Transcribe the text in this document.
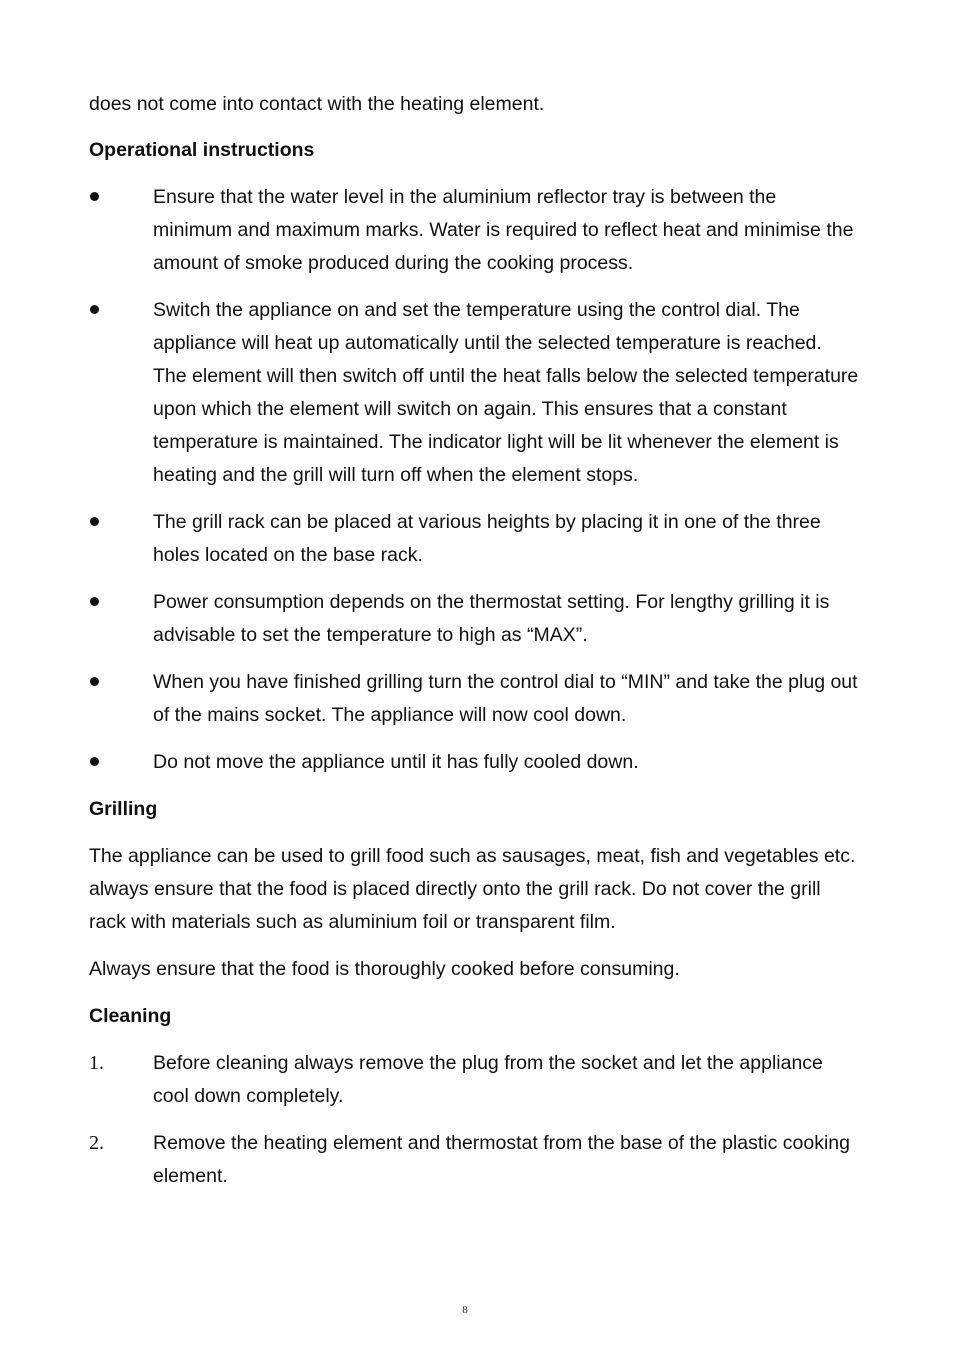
does not come into contact with the heating element.

Operational instructions

Ensure that the water level in the aluminium reflector tray is between the minimum and maximum marks. Water is required to reflect heat and minimise the amount of smoke produced during the cooking process.
Switch the appliance on and set the temperature using the control dial. The appliance will heat up automatically until the selected temperature is reached. The element will then switch off until the heat falls below the selected temperature upon which the element will switch on again. This ensures that a constant temperature is maintained. The indicator light will be lit whenever the element is heating and the grill will turn off when the element stops.
The grill rack can be placed at various heights by placing it in one of the three holes located on the base rack.
Power consumption depends on the thermostat setting. For lengthy grilling it is advisable to set the temperature to high as “MAX”.
When you have finished grilling turn the control dial to “MIN” and take the plug out of the mains socket. The appliance will now cool down.
Do not move the appliance until it has fully cooled down.

Grilling

The appliance can be used to grill food such as sausages, meat, fish and vegetables etc. always ensure that the food is placed directly onto the grill rack. Do not cover the grill rack with materials such as aluminium foil or transparent film.

Always ensure that the food is thoroughly cooked before consuming.

Cleaning

1.	Before cleaning always remove the plug from the socket and let the appliance cool down completely.
2.	Remove the heating element and thermostat from the base of the plastic cooking element.
8
